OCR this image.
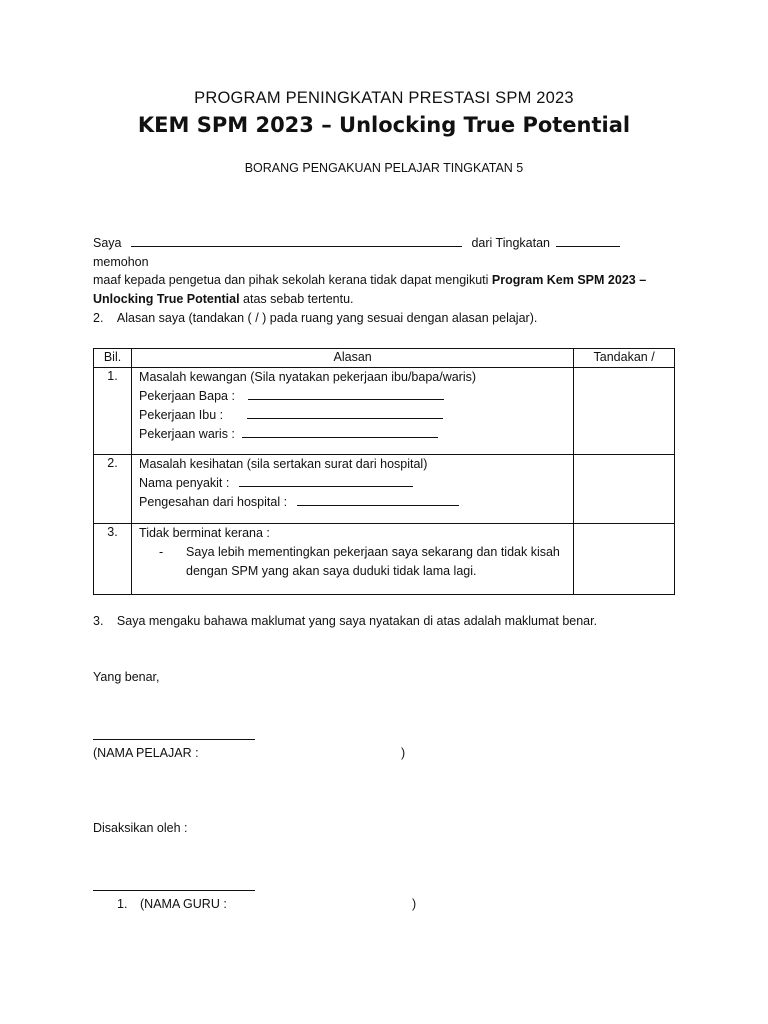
PROGRAM PENINGKATAN PRESTASI SPM 2023
KEM SPM 2023 – Unlocking True Potential
BORANG PENGAKUAN PELAJAR TINGKATAN 5
Saya	dari Tingkatan  memohon
maaf kepada pengetua dan pihak sekolah kerana tidak dapat mengikuti Program Kem SPM 2023 –
Unlocking True Potential atas sebab tertentu.
2. Alasan saya (tandakan ( / ) pada ruang yang sesuai dengan alasan pelajar).
Bil.	Alasan	Tandakan /
1.	Masalah kewangan (Sila nyatakan pekerjaan ibu/bapa/waris)
Pekerjaan Bapa :
Pekerjaan Ibu :
Pekerjaan waris :	

2.	Masalah kesihatan (sila sertakan surat dari hospital)
Nama penyakit :
Pengesahan dari hospital :	

3.	Tidak berminat kerana :
- Saya lebih mementingkan pekerjaan saya sekarang dan tidak kisah dengan SPM yang akan saya duduki tidak lama lagi.	

3. Saya mengaku bahawa maklumat yang saya nyatakan di atas adalah maklumat benar.
Yang benar,
(NAMA PELAJAR :	)
Disaksikan oleh :
1. (NAMA GURU :	)
